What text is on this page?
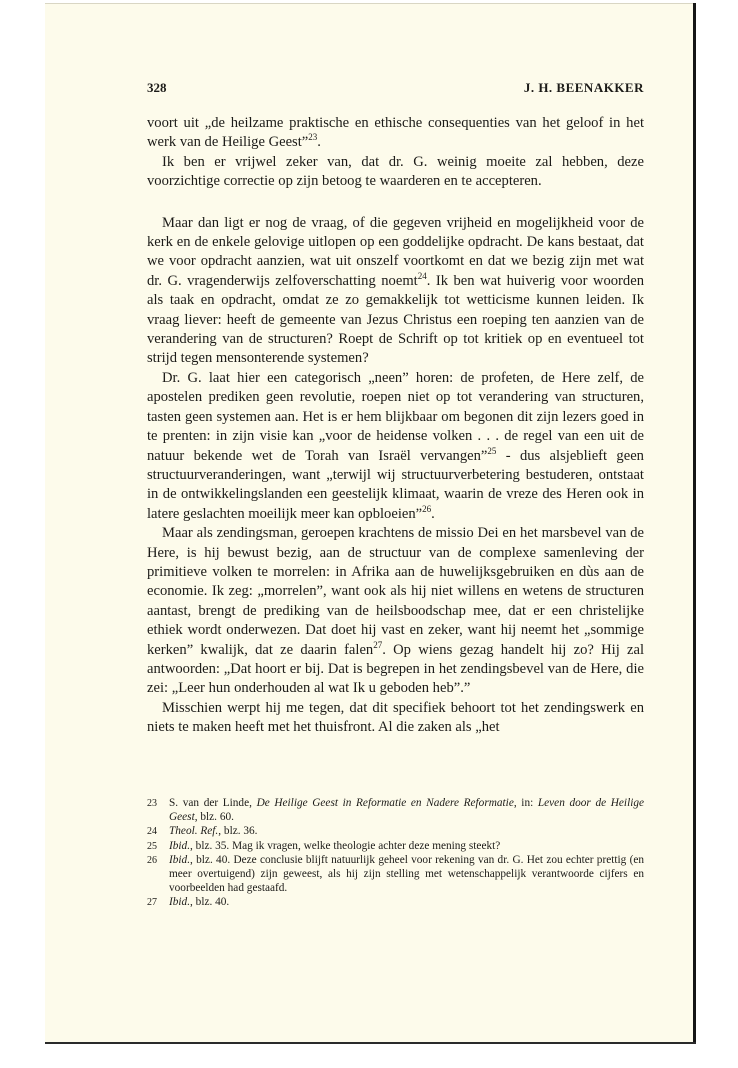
328	J. H. BEENAKKER

voort uit „de heilzame praktische en ethische consequenties van het geloof in het werk van de Heilige Geest”$^{23}$.

Ik ben er vrijwel zeker van, dat dr. G. weinig moeite zal hebben, deze voorzichtige correctie op zijn betoog te waarderen en te accepteren.

Maar dan ligt er nog de vraag, of die gegeven vrijheid en mogelijkheid voor de kerk en de enkele gelovige uitlopen op een goddelijke opdracht. De kans bestaat, dat we voor opdracht aanzien, wat uit onszelf voortkomt en dat we bezig zijn met wat dr. G. vragenderwijs zelfoverschatting noemt$^{24}$. Ik ben wat huiverig voor woorden als taak en opdracht, omdat ze zo gemakkelijk tot wetticisme kunnen leiden. Ik vraag liever: heeft de gemeente van Jezus Christus een roeping ten aanzien van de verandering van de structuren? Roept de Schrift op tot kritiek op en eventueel tot strijd tegen mensonterende systemen?

Dr. G. laat hier een categorisch „neen” horen: de profeten, de Here zelf, de apostelen prediken geen revolutie, roepen niet op tot verandering van structuren, tasten geen systemen aan. Het is er hem blijkbaar om begonen dit zijn lezers goed in te prenten: in zijn visie kan „voor de heidense volken . . . de regel van een uit de natuur bekende wet de Torah van Israël vervangen”$^{25}$ - dus alsjeblieft geen structuurveranderingen, want „terwijl wij structuurverbetering bestuderen, ontstaat in de ontwikkelingslanden een geestelijk klimaat, waarin de vreze des Heren ook in latere geslachten moeilijk meer kan opbloeien”$^{26}$.

Maar als zendingsman, geroepen krachtens de missio Dei en het marsbevel van de Here, is hij bewust bezig, aan de structuur van de complexe samenleving der primitieve volken te morrelen: in Afrika aan de huwelijksgebruiken en dùs aan de economie. Ik zeg: „morrelen”, want ook als hij niet willens en wetens de structuren aantast, brengt de prediking van de heilsboodschap mee, dat er een christelijke ethiek wordt onderwezen. Dat doet hij vast en zeker, want hij neemt het „sommige kerken” kwalijk, dat ze daarin falen$^{27}$. Op wiens gezag handelt hij zo? Hij zal antwoorden: „Dat hoort er bij. Dat is begrepen in het zendingsbevel van de Here, die zei: „Leer hun onderhouden al wat Ik u geboden heb”.”

Misschien werpt hij me tegen, dat dit specifiek behoort tot het zendingswerk en niets te maken heeft met het thuisfront. Al die zaken als „het

23	S. van der Linde, De Heilige Geest in Reformatie en Nadere Reformatie, in: Leven door de Heilige Geest, blz. 60.
24	Theol. Ref., blz. 36.
25	Ibid., blz. 35. Mag ik vragen, welke theologie achter deze mening steekt?
26	Ibid., blz. 40. Deze conclusie blijft natuurlijk geheel voor rekening van dr. G. Het zou echter prettig (en meer overtuigend) zijn geweest, als hij zijn stelling met wetenschappelijk verantwoorde cijfers en voorbeelden had gestaafd.
27	Ibid., blz. 40.
